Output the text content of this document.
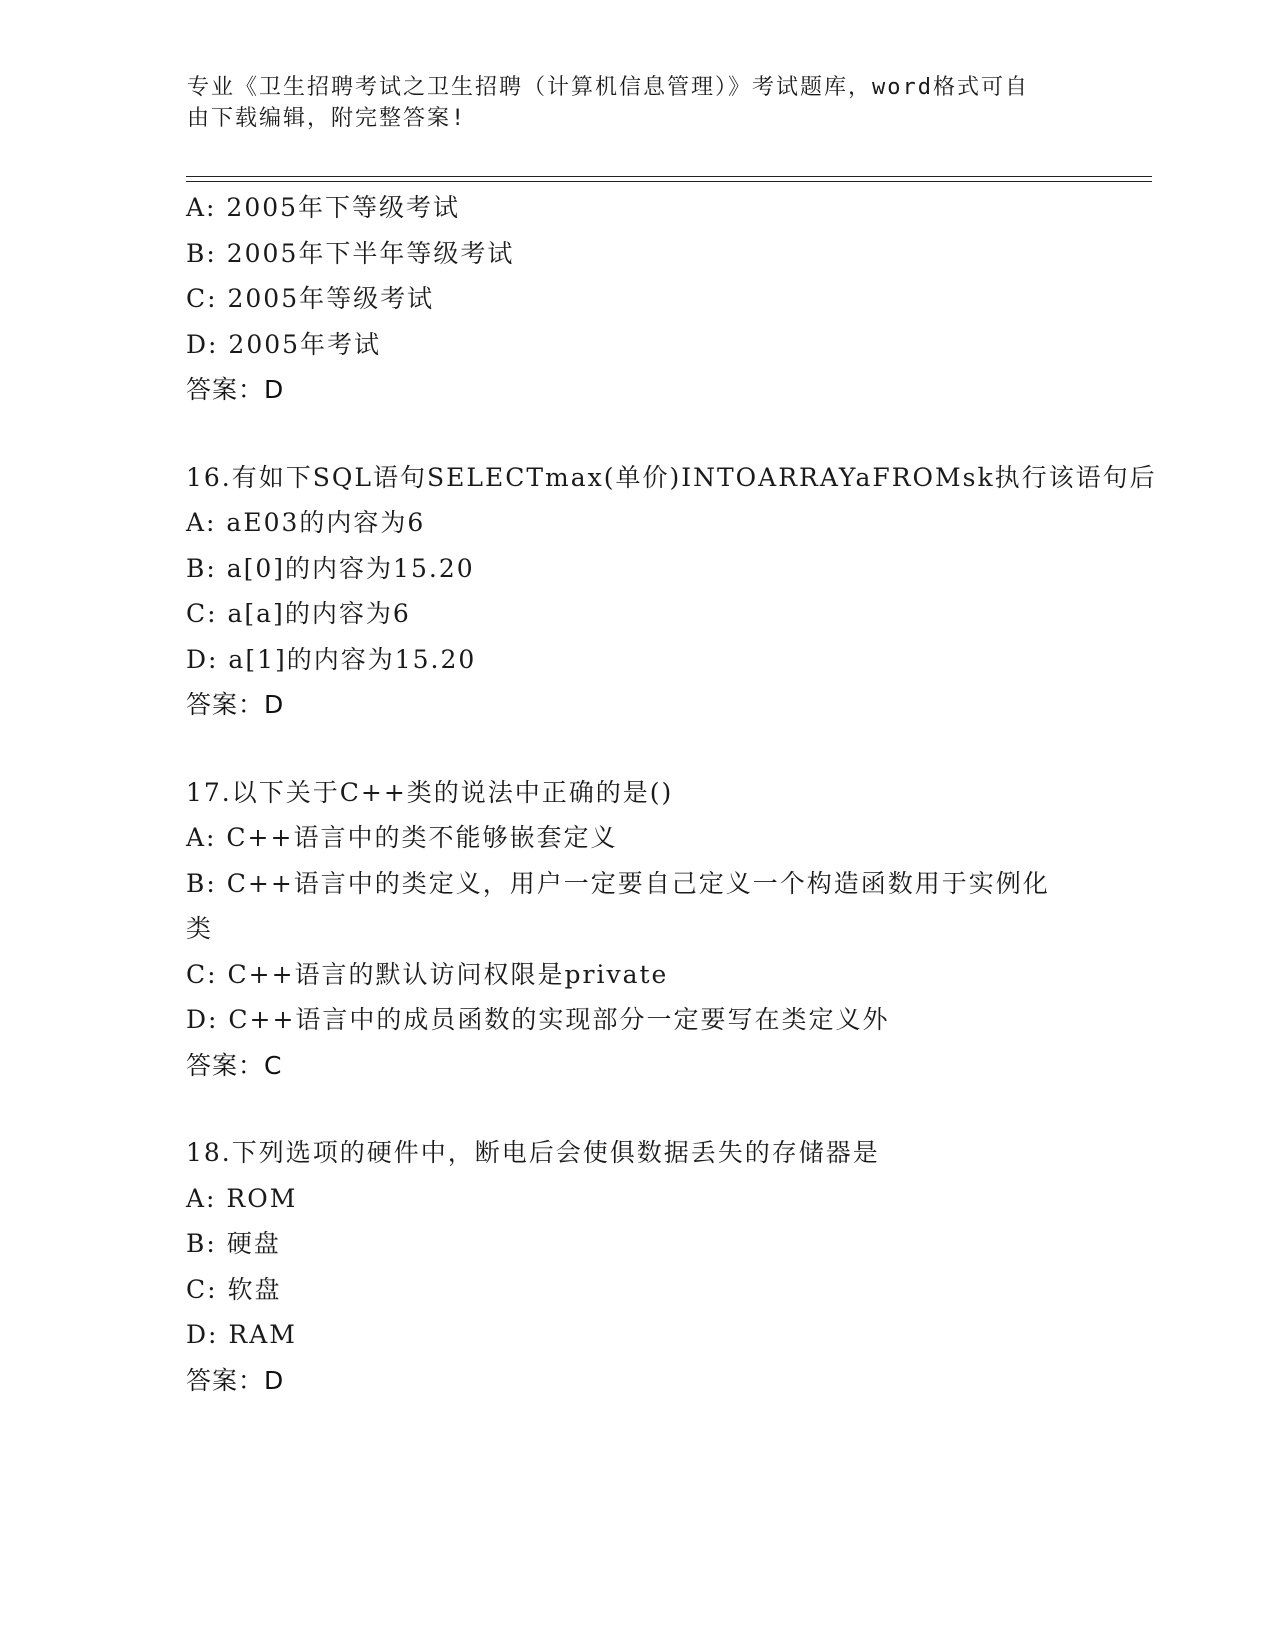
专业《卫生招聘考试之卫生招聘（计算机信息管理）》考试题库，word格式可自
由下载编辑，附完整答案!
A: 2005年下等级考试
B: 2005年下半年等级考试
C: 2005年等级考试
D: 2005年考试
答案：D
16.有如下SQL语句SELECTmax(单价)INTOARRAYaFROMsk执行该语句后
A: aE03的内容为6
B: a[0]的内容为15.20
C: a[a]的内容为6
D: a[1]的内容为15.20
答案：D
17.以下关于C++类的说法中正确的是()
A: C++语言中的类不能够嵌套定义
B: C++语言中的类定义，用户一定要自己定义一个构造函数用于实例化类
C: C++语言的默认访问权限是private
D: C++语言中的成员函数的实现部分一定要写在类定义外
答案：C
18.下列选项的硬件中，断电后会使俱数据丢失的存储器是
A: ROM
B: 硬盘
C: 软盘
D: RAM
答案：D
